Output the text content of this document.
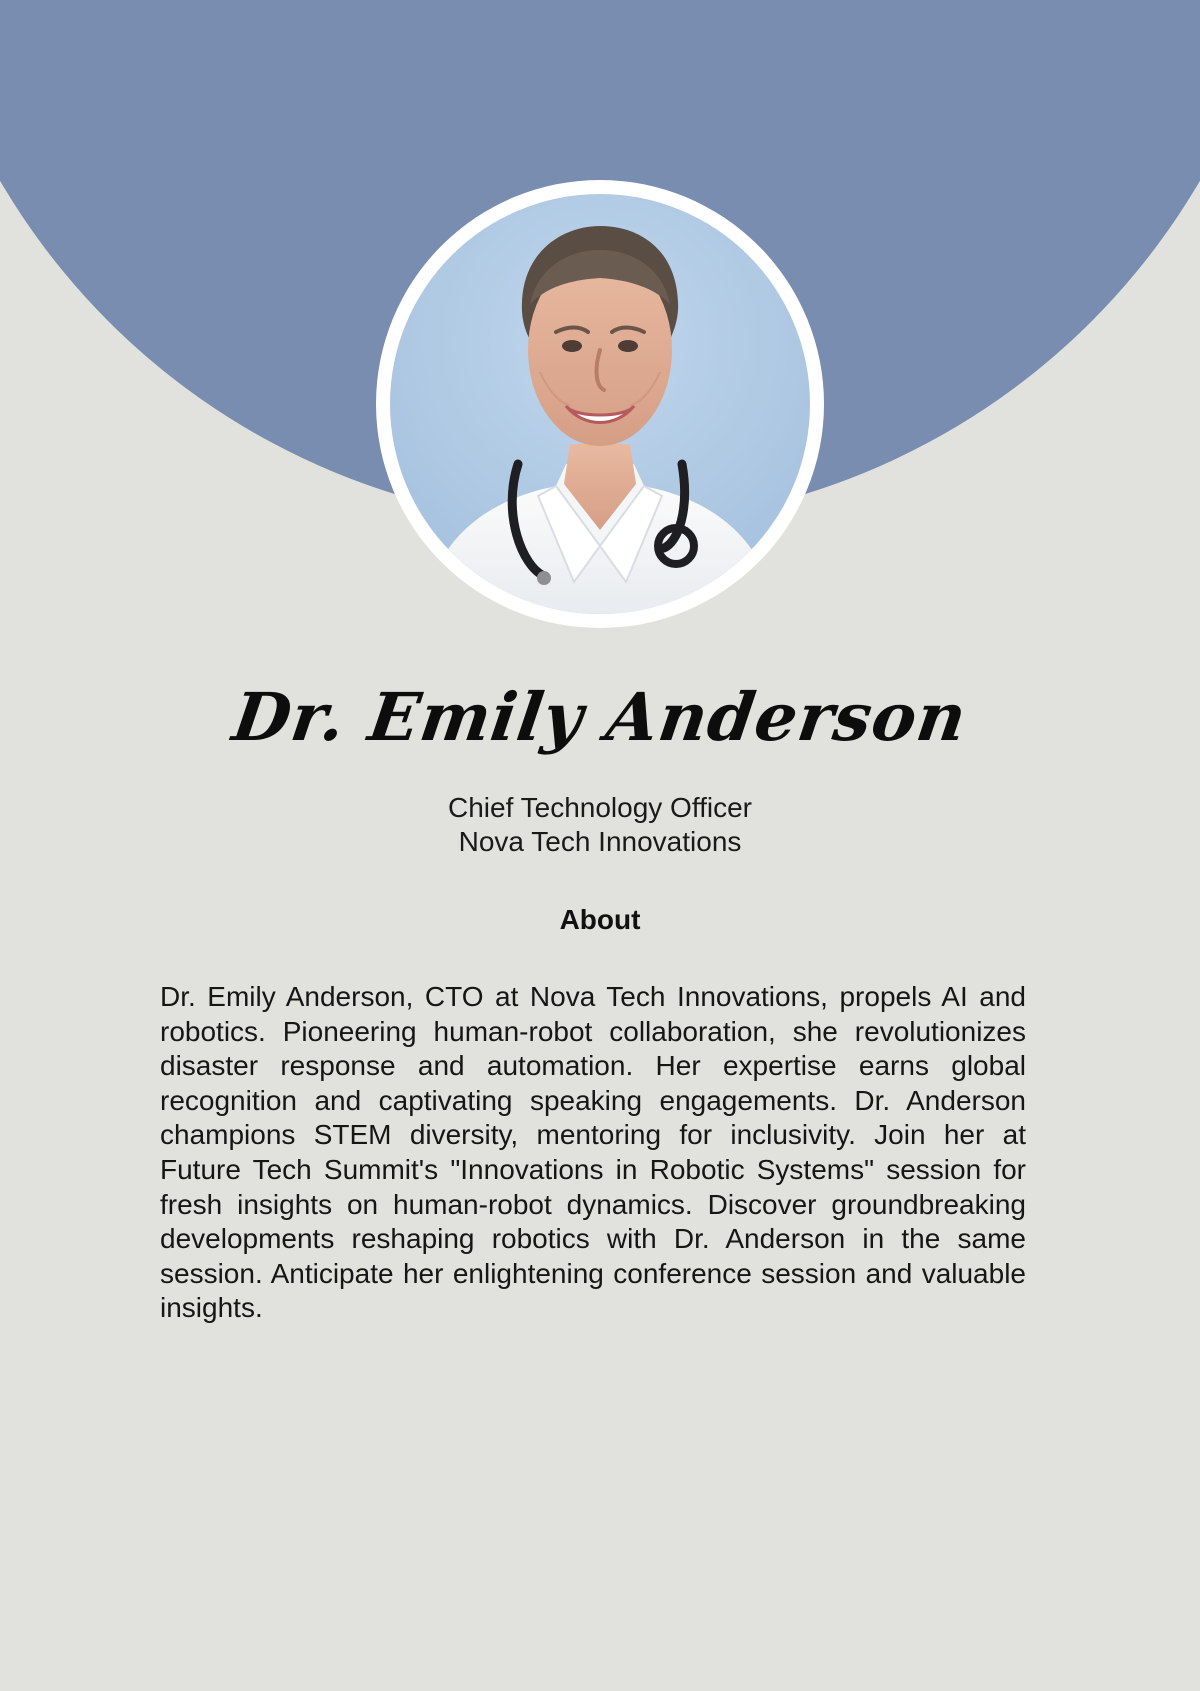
Dr. Emily Anderson
Chief Technology Officer
Nova Tech Innovations
About

Dr. Emily Anderson, CTO at Nova Tech Innovations, propels AI and robotics. Pioneering human-robot collaboration, she revolutionizes disaster response and automation. Her expertise earns global recognition and captivating speaking engagements. Dr. Anderson champions STEM diversity, mentoring for inclusivity. Join her at Future Tech Summit's "Innovations in Robotic Systems" session for fresh insights on human-robot dynamics. Discover groundbreaking developments reshaping robotics with Dr. Anderson in the same session. Anticipate her enlightening conference session and valuable insights.
